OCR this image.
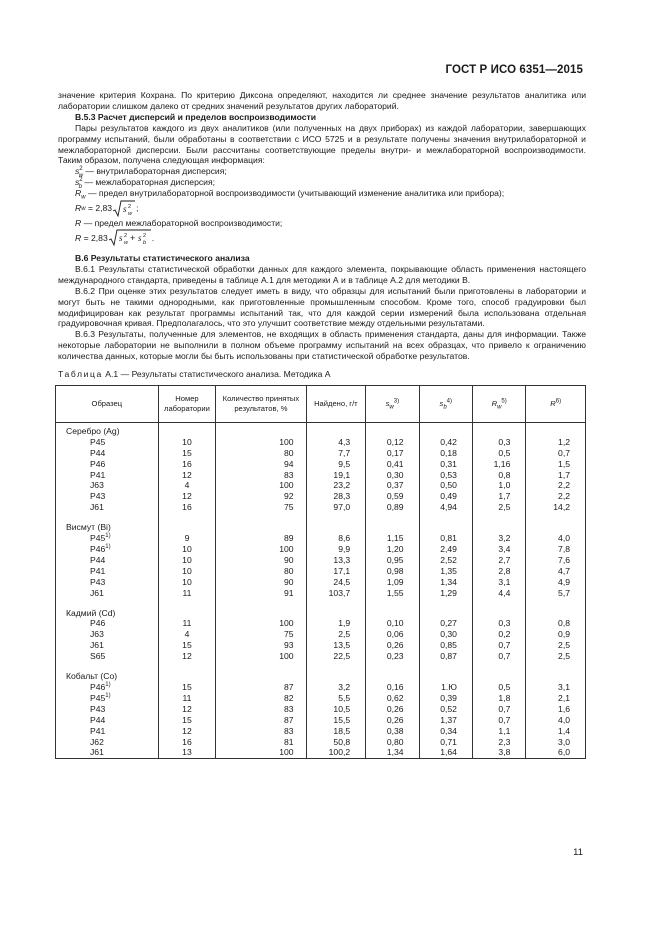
ГОСТ Р ИСО 6351—2015

значение критерия Кохрана. По критерию Диксона определяют, находится ли среднее значение результатов аналитика или лаборатории слишком далеко от средних значений результатов других лабораторий.

В.5.3 Расчет дисперсий и пределов воспроизводимости

Пары результатов каждого из двух аналитиков (или полученных на двух приборах) из каждой лаборатории, завершающих программу испытаний, были обработаны в соответствии с ИСО 5725 и в результате получены значения внутрилабораторной и межлабораторной дисперсии. Были рассчитаны соответствующие пределы внутри- и межлабораторной воспроизводимости. Таким образом, получена следующая информация:

$s^2_w$ — внутрилабораторная дисперсия;

$s^2_b$ — межлабораторная дисперсия;

$R_w$ — предел внутрилабораторной воспроизводимости (учитывающий изменение аналитика или прибора);

R w
= 2,83 s 2
w
;

R — предел межлабораторной воспроизводимости;

R
= 2,83 s 2
w + s 2
b
.

В.6 Результаты статистического анализа

В.6.1 Результаты статистической обработки данных для каждого элемента, покрывающие область применения настоящего международного стандарта, приведены в таблице А.1 для методики А и в таблице А.2 для методики В.

В.6.2 При оценке этих результатов следует иметь в виду, что образцы для испытаний были приготовлены в лаборатории и могут быть не такими однородными, как приготовленные промышленным способом. Кроме того, способ градуировки был модифицирован как результат программы испытаний так, что для каждой серии измерений была использована отдельная градуировочная кривая. Предполагалось, что это улучшит соответствие между отдельными результатами.

В.6.3 Результаты, полученные для элементов, не входящих в область применения стандарта, даны для информации. Также некоторые лаборатории не выполнили в полном объеме программу испытаний на всех образцах, что привело к ограничению количества данных, которые могли бы быть использованы при статистической обработке результатов.

Таблица А.1 — Результаты статистического анализа. Методика А
Образец	Номер лаборатории	Количество принятых результатов, %	Найдено, г/т	$s_w^{3)}$	$s_b^{4)}$	$R_w^{5)}$	$R^{6)}$

Серебро (Ag)							
P45	10	100	4,3	0,12	0,42	0,3	1,2
P44	15	80	7,7	0,17	0,18	0,5	0,7
P46	16	94	9,5	0,41	0,31	1,16	1,5
P41	12	83	19,1	0,30	0,53	0,8	1,7
J63	4	100	23,2	0,37	0,50	1,0	2,2
P43	12	92	28,3	0,59	0,49	1,7	2,2
J61	16	75	97,0	0,89	4,94	2,5	14,2

Висмут (Bi)							
P45$^{1)}$	9	89	8,6	1,15	0,81	3,2	4,0
P46$^{1)}$	10	100	9,9	1,20	2,49	3,4	7,8
P44	10	90	13,3	0,95	2,52	2,7	7,6
P41	10	80	17,1	0,98	1,35	2,8	4,7
P43	10	90	24,5	1,09	1,34	3,1	4,9
J61	11	91	103,7	1,55	1,29	4,4	5,7

Кадмий (Cd)							
P46	11	100	1,9	0,10	0,27	0,3	0,8
J63	4	75	2,5	0,06	0,30	0,2	0,9
J61	15	93	13,5	0,26	0,85	0,7	2,5
S65	12	100	22,5	0,23	0,87	0,7	2,5

Кобальт (Co)							
P46$^{1)}$	15	87	3,2	0,16	1.Ю	0,5	3,1
P45$^{1)}$	11	82	5,5	0,62	0,39	1,8	2,1
P43	12	83	10,5	0,26	0,52	0,7	1,6
P44	15	87	15,5	0,26	1,37	0,7	4,0
P41	12	83	18,5	0,38	0,34	1,1	1,4
J62	16	81	50,8	0,80	0,71	2,3	3,0
J61	13	100	100,2	1,34	1,64	3,8	6,0
11
